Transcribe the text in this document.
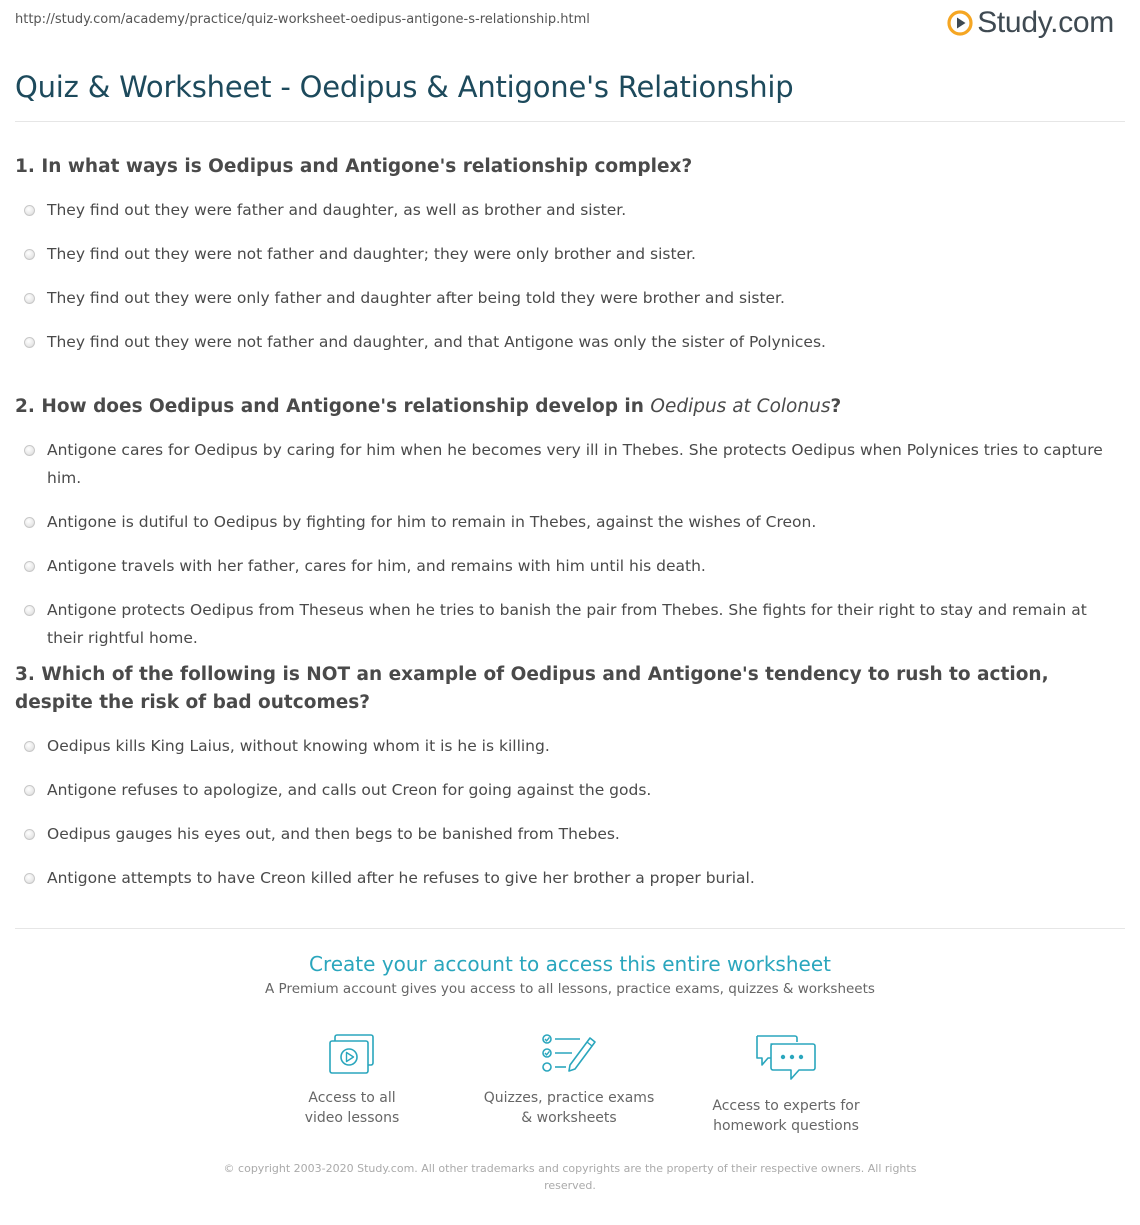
http://study.com/academy/practice/quiz-worksheet-oedipus-antigone-s-relationship.html	Study.com
Quiz & Worksheet - Oedipus & Antigone's Relationship
1. In what ways is Oedipus and Antigone's relationship complex?
They find out they were father and daughter, as well as brother and sister.
They find out they were not father and daughter; they were only brother and sister.
They find out they were only father and daughter after being told they were brother and sister.
They find out they were not father and daughter, and that Antigone was only the sister of Polynices.
2. How does Oedipus and Antigone's relationship develop in Oedipus at Colonus?
Antigone cares for Oedipus by caring for him when he becomes very ill in Thebes. She protects Oedipus when Polynices tries to capture him.
Antigone is dutiful to Oedipus by fighting for him to remain in Thebes, against the wishes of Creon.
Antigone travels with her father, cares for him, and remains with him until his death.
Antigone protects Oedipus from Theseus when he tries to banish the pair from Thebes. She fights for their right to stay and remain at their rightful home.
3. Which of the following is NOT an example of Oedipus and Antigone's tendency to rush to action, despite the risk of bad outcomes?
Oedipus kills King Laius, without knowing whom it is he is killing.
Antigone refuses to apologize, and calls out Creon for going against the gods.
Oedipus gauges his eyes out, and then begs to be banished from Thebes.
Antigone attempts to have Creon killed after he refuses to give her brother a proper burial.
Create your account to access this entire worksheet
A Premium account gives you access to all lessons, practice exams, quizzes & worksheets
Access to all
video lessons
Quizzes, practice exams
& worksheets
Access to experts for
homework questions
© copyright 2003-2020 Study.com. All other trademarks and copyrights are the property of their respective owners. All rights reserved.
